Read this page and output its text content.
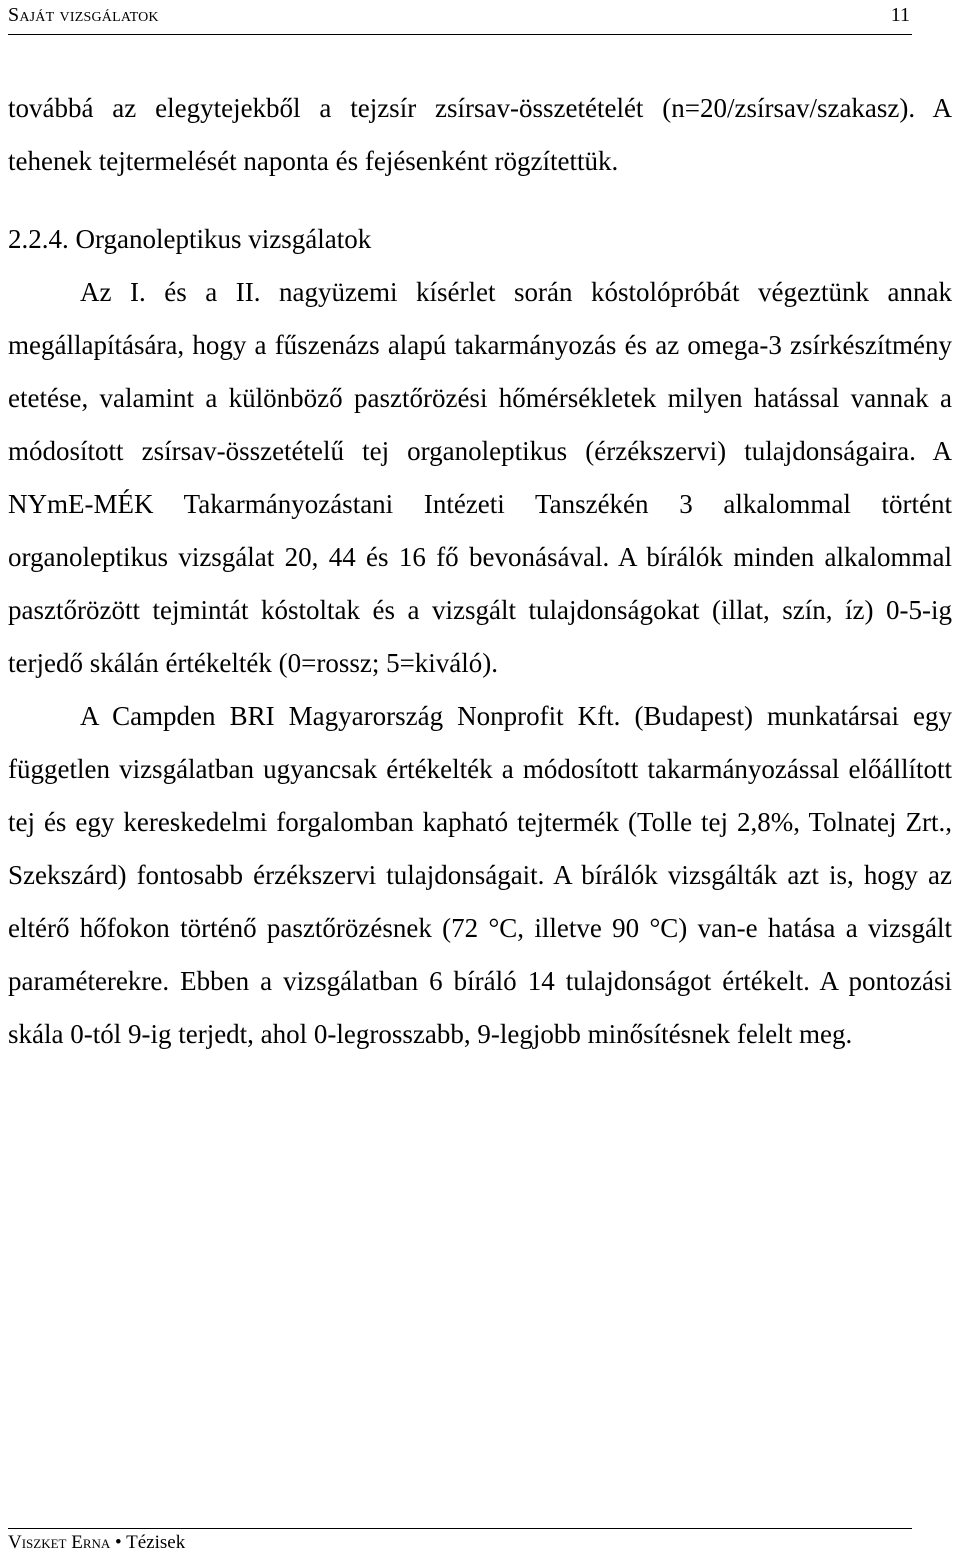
Saját vizsgálatok	11

továbbá az elegytejekből a tejzsír zsírsav-összetételét (n=20/zsírsav/szakasz). A tehenek tejtermelését naponta és fejésenként rögzítettük.

2.2.4. Organoleptikus vizsgálatok

Az I. és a II. nagyüzemi kísérlet során kóstolópróbát végeztünk annak megállapítására, hogy a fűszenázs alapú takarmányozás és az omega-3 zsírkészítmény etetése, valamint a különböző pasztőrözési hőmérsékletek milyen hatással vannak a módosított zsírsav-összetételű tej organoleptikus (érzékszervi) tulajdonságaira. A NYmE-MÉK Takarmányozástani Intézeti Tanszékén 3 alkalommal történt organoleptikus vizsgálat 20, 44 és 16 fő bevonásával. A bírálók minden alkalommal pasztőrözött tejmintát kóstoltak és a vizsgált tulajdonságokat (illat, szín, íz) 0-5-ig terjedő skálán értékelték (0=rossz; 5=kiváló).

A Campden BRI Magyarország Nonprofit Kft. (Budapest) munkatársai egy független vizsgálatban ugyancsak értékelték a módosított takarmányozással előállított tej és egy kereskedelmi forgalomban kapható tejtermék (Tolle tej 2,8%, Tolnatej Zrt., Szekszárd) fontosabb érzékszervi tulajdonságait. A bírálók vizsgálták azt is, hogy az eltérő hőfokon történő pasztőrözésnek (72 °C, illetve 90 °C) van-e hatása a vizsgált paraméterekre. Ebben a vizsgálatban 6 bíráló 14 tulajdonságot értékelt. A pontozási skála 0-tól 9-ig terjedt, ahol 0-legrosszabb, 9-legjobb minősítésnek felelt meg.

Viszket Erna • Tézisek
